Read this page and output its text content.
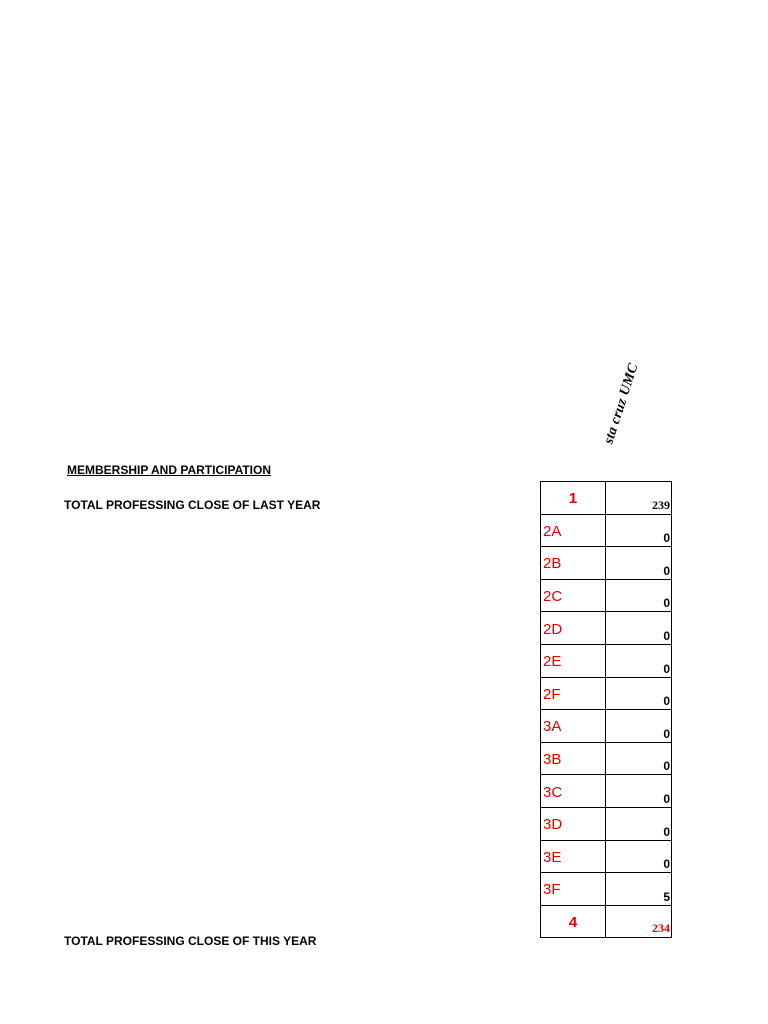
sta cruz UMC
MEMBERSHIP AND PARTICIPATION
TOTAL PROFESSING CLOSE OF LAST YEAR
TOTAL PROFESSING CLOSE OF THIS YEAR
1	239
2A	0
2B	0
2C	0
2D	0
2E	0
2F	0
3A	0
3B	0
3C	0
3D	0
3E	0
3F	5
4	234
